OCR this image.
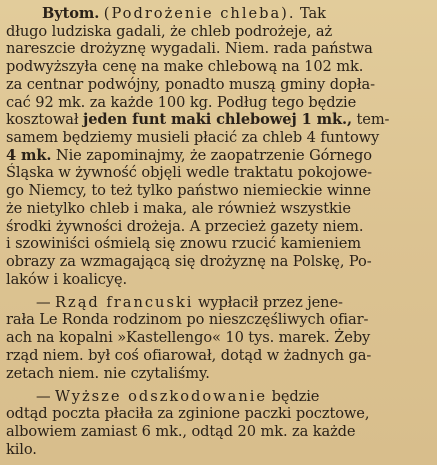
Bytom. (Podrożenie chleba). Tak
długo ludziska gadali, że chleb podrożeje, aż
nareszcie drożyznę wygadali. Niem. rada państwa
podwyższyła cenę na make chlebową na 102 mk.
za centnar podwójny, ponadto muszą gminy dopła-
cać 92 mk. za każde 100 kg. Podług tego będzie
kosztował jeden funt maki chlebowej 1 mk., tem-
samem będziemy musieli płacić za chleb 4 funtowy
4 mk. Nie zapominajmy, że zaopatrzenie Górnego
Śląska w żywność objęli wedle traktatu pokojowe-
go Niemcy, to też tylko państwo niemieckie winne
że nietylko chleb i maka, ale również wszystkie
środki żywności drożeja. A przecież gazety niem.
i szowiniści ośmielą się znowu rzucić kamieniem
obrazy za wzmagającą się drożyznę na Polskę, Po-
laków i koalicyę.
— Rząd francuski wypłacił przez jene-
rała Le Ronda rodzinom po nieszczęśliwych ofiar-
ach na kopalni »Kastellengo« 10 tys. marek. Żeby
rząd niem. był coś ofiarował, dotąd w żadnych ga-
zetach niem. nie czytaliśmy.
— Wyższe odszkodowanie będzie
odtąd poczta płaciła za zginione paczki pocztowe,
albowiem zamiast 6 mk., odtąd 20 mk. za każde
kilo.
